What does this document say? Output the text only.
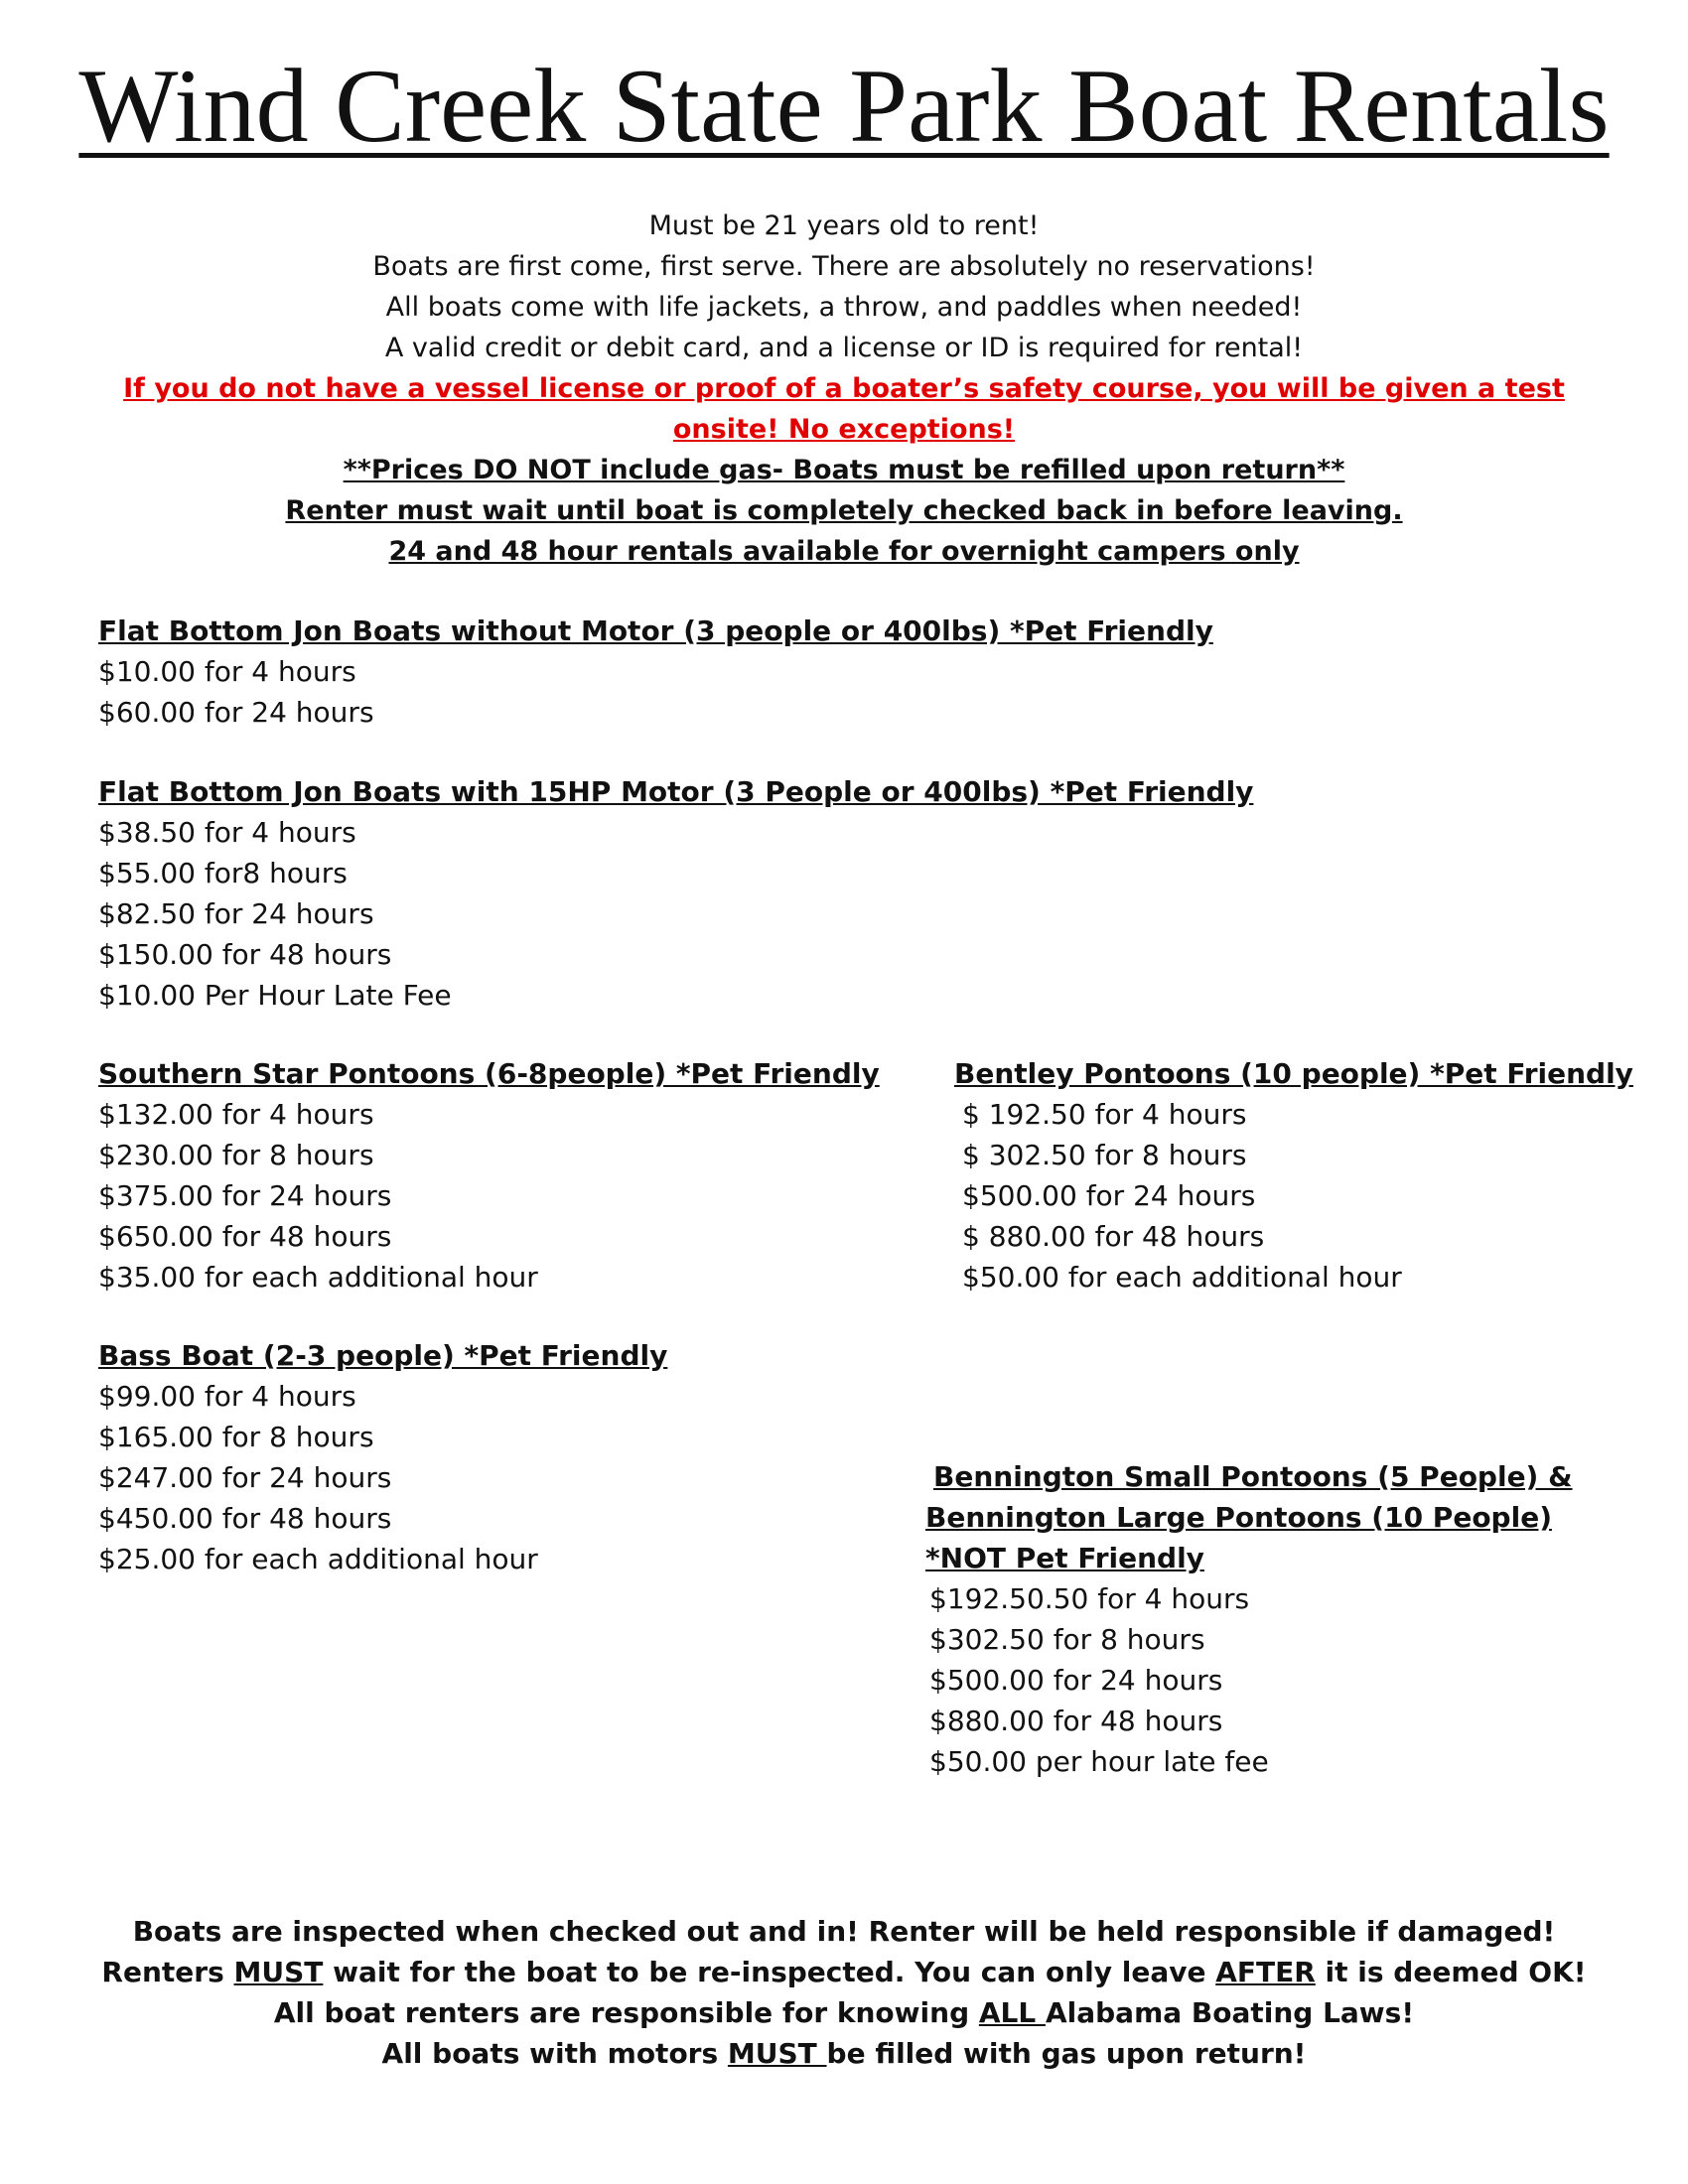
Wind Creek State Park Boat Rentals
Must be 21 years old to rent!
Boats are first come, first serve. There are absolutely no reservations!
All boats come with life jackets, a throw, and paddles when needed!
A valid credit or debit card, and a license or ID is required for rental!
If you do not have a vessel license or proof of a boater’s safety course, you will be given a test onsite! No exceptions!
**Prices DO NOT include gas- Boats must be refilled upon return**
Renter must wait until boat is completely checked back in before leaving.
24 and 48 hour rentals available for overnight campers only
Flat Bottom Jon Boats without Motor (3 people or 400lbs) *Pet Friendly
$10.00 for 4 hours
$60.00 for 24 hours
Flat Bottom Jon Boats with 15HP Motor (3 People or 400lbs) *Pet Friendly
$38.50 for 4 hours
$55.00 for8 hours
$82.50 for 24 hours
$150.00 for 48 hours
$10.00 Per Hour Late Fee
Southern Star Pontoons (6-8people) *Pet Friendly
$132.00 for 4 hours
$230.00 for 8 hours
$375.00 for 24 hours
$650.00 for 48 hours
$35.00 for each additional hour
Bentley Pontoons (10 people) *Pet Friendly
$ 192.50 for 4 hours
$ 302.50 for 8 hours
$500.00 for 24 hours
$ 880.00 for 48 hours
$50.00 for each additional hour
Bass Boat (2-3 people) *Pet Friendly
$99.00 for 4 hours
$165.00 for 8 hours
$247.00 for 24 hours
$450.00 for 48 hours
$25.00 for each additional hour
Bennington Small Pontoons (5 People) &
Bennington Large Pontoons (10 People)
*NOT Pet Friendly
$192.50.50 for 4 hours
$302.50 for 8 hours
$500.00 for 24 hours
$880.00 for 48 hours
$50.00 per hour late fee
Boats are inspected when checked out and in! Renter will be held responsible if damaged!
Renters MUST wait for the boat to be re-inspected. You can only leave AFTER it is deemed OK!
All boat renters are responsible for knowing ALL Alabama Boating Laws!
All boats with motors MUST be filled with gas upon return!
